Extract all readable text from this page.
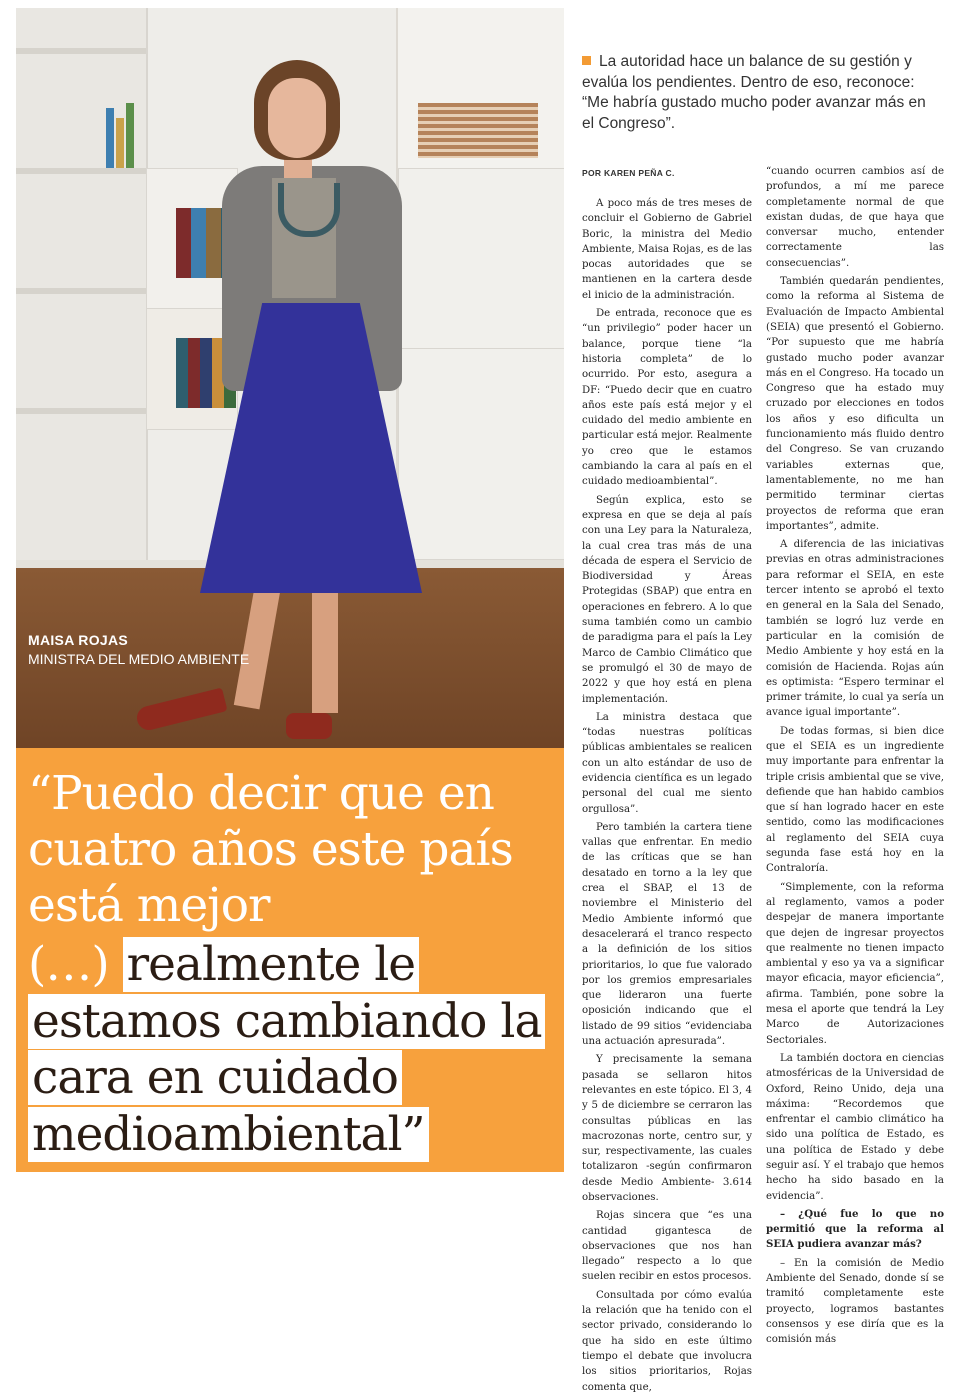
MAISA ROJAS
MINISTRA DEL MEDIO AMBIENTE
“Puedo decir que en cuatro años este país está mejor
(…) realmente le estamos cambiando la cara en cuidado medioambiental”
La autoridad hace un balance de su gestión y evalúa los pendientes. Dentro de eso, reconoce: “Me habría gustado mucho poder avanzar más en el Congreso”.
POR KAREN PEÑA C.

A poco más de tres meses de concluir el Gobierno de Gabriel Boric, la ministra del Medio Ambiente, Maisa Rojas, es de las pocas autoridades que se mantienen en la cartera desde el inicio de la administración.

De entrada, reconoce que es “un privilegio” poder hacer un balance, porque tiene “la historia completa” de lo ocurrido. Por esto, asegura a DF: “Puedo decir que en cuatro años este país está mejor y el cuidado del medio ambiente en particular está mejor. Realmente yo creo que le estamos cambiando la cara al país en el cuidado medioambiental”.

Según explica, esto se expresa en que se deja al país con una Ley para la Naturaleza, la cual crea tras más de una década de espera el Servicio de Biodiversidad y Áreas Protegidas (SBAP) que entra en operaciones en febrero. A lo que suma también como un cambio de paradigma para el país la Ley Marco de Cambio Climático que se promulgó el 30 de mayo de 2022 y que hoy está en plena implementación.

La ministra destaca que “todas nuestras políticas públicas ambientales se realicen con un alto estándar de uso de evidencia científica es un legado personal del cual me siento orgullosa”.

Pero también la cartera tiene vallas que enfrentar. En medio de las críticas que se han desatado en torno a la ley que crea el SBAP, el 13 de noviembre el Ministerio del Medio Ambiente informó que desacelerará el tranco respecto a la definición de los sitios prioritarios, lo que fue valorado por los gremios empresariales que lideraron una fuerte oposición indicando que el listado de 99 sitios “evidenciaba una actuación apresurada”.

Y precisamente la semana pasada se sellaron hitos relevantes en este tópico. El 3, 4 y 5 de diciembre se cerraron las consultas públicas en las macrozonas norte, centro sur, y sur, respectivamente, las cuales totalizaron -según confirmaron desde Medio Ambiente- 3.614 observaciones.

Rojas sincera que “es una cantidad gigantesca de observaciones que nos han llegado” respecto a lo que suelen recibir en estos procesos.

Consultada por cómo evalúa la relación que ha tenido con el sector privado, considerando lo que ha sido en este último tiempo el debate que involucra los sitios prioritarios, Rojas comenta que,

“cuando ocurren cambios así de profundos, a mí me parece completamente normal de que existan dudas, de que haya que conversar mucho, entender correctamente las consecuencias”.

También quedarán pendientes, como la reforma al Sistema de Evaluación de Impacto Ambiental (SEIA) que presentó el Gobierno. “Por supuesto que me habría gustado mucho poder avanzar más en el Congreso. Ha tocado un Congreso que ha estado muy cruzado por elecciones en todos los años y eso dificulta un funcionamiento más fluido dentro del Congreso. Se van cruzando variables externas que, lamentablemente, no me han permitido terminar ciertas proyectos de reforma que eran importantes”, admite.

A diferencia de las iniciativas previas en otras administraciones para reformar el SEIA, en este tercer intento se aprobó el texto en general en la Sala del Senado, también se logró luz verde en particular en la comisión de Medio Ambiente y hoy está en la comisión de Hacienda. Rojas aún es optimista: “Espero terminar el primer trámite, lo cual ya sería un avance igual importante”.

De todas formas, si bien dice que el SEIA es un ingrediente muy importante para enfrentar la triple crisis ambiental que se vive, defiende que han habido cambios que sí han logrado hacer en este sentido, como las modificaciones al reglamento del SEIA cuya segunda fase está hoy en la Contraloría.

“Simplemente, con la reforma al reglamento, vamos a poder despejar de manera importante que dejen de ingresar proyectos que realmente no tienen impacto ambiental y eso ya va a significar mayor eficacia, mayor eficiencia”, afirma. También, pone sobre la mesa el aporte que tendrá la Ley Marco de Autorizaciones Sectoriales.

La también doctora en ciencias atmosféricas de la Universidad de Oxford, Reino Unido, deja una máxima: “Recordemos que enfrentar el cambio climático ha sido una política de Estado, es una política de Estado y debe seguir así. Y el trabajo que hemos hecho ha sido basado en la evidencia”.

– ¿Qué fue lo que no permitió que la reforma al SEIA pudiera avanzar más?

– En la comisión de Medio Ambiente del Senado, donde sí se tramitó completamente este proyecto, logramos bastantes consensos y ese diría que es la comisión más
